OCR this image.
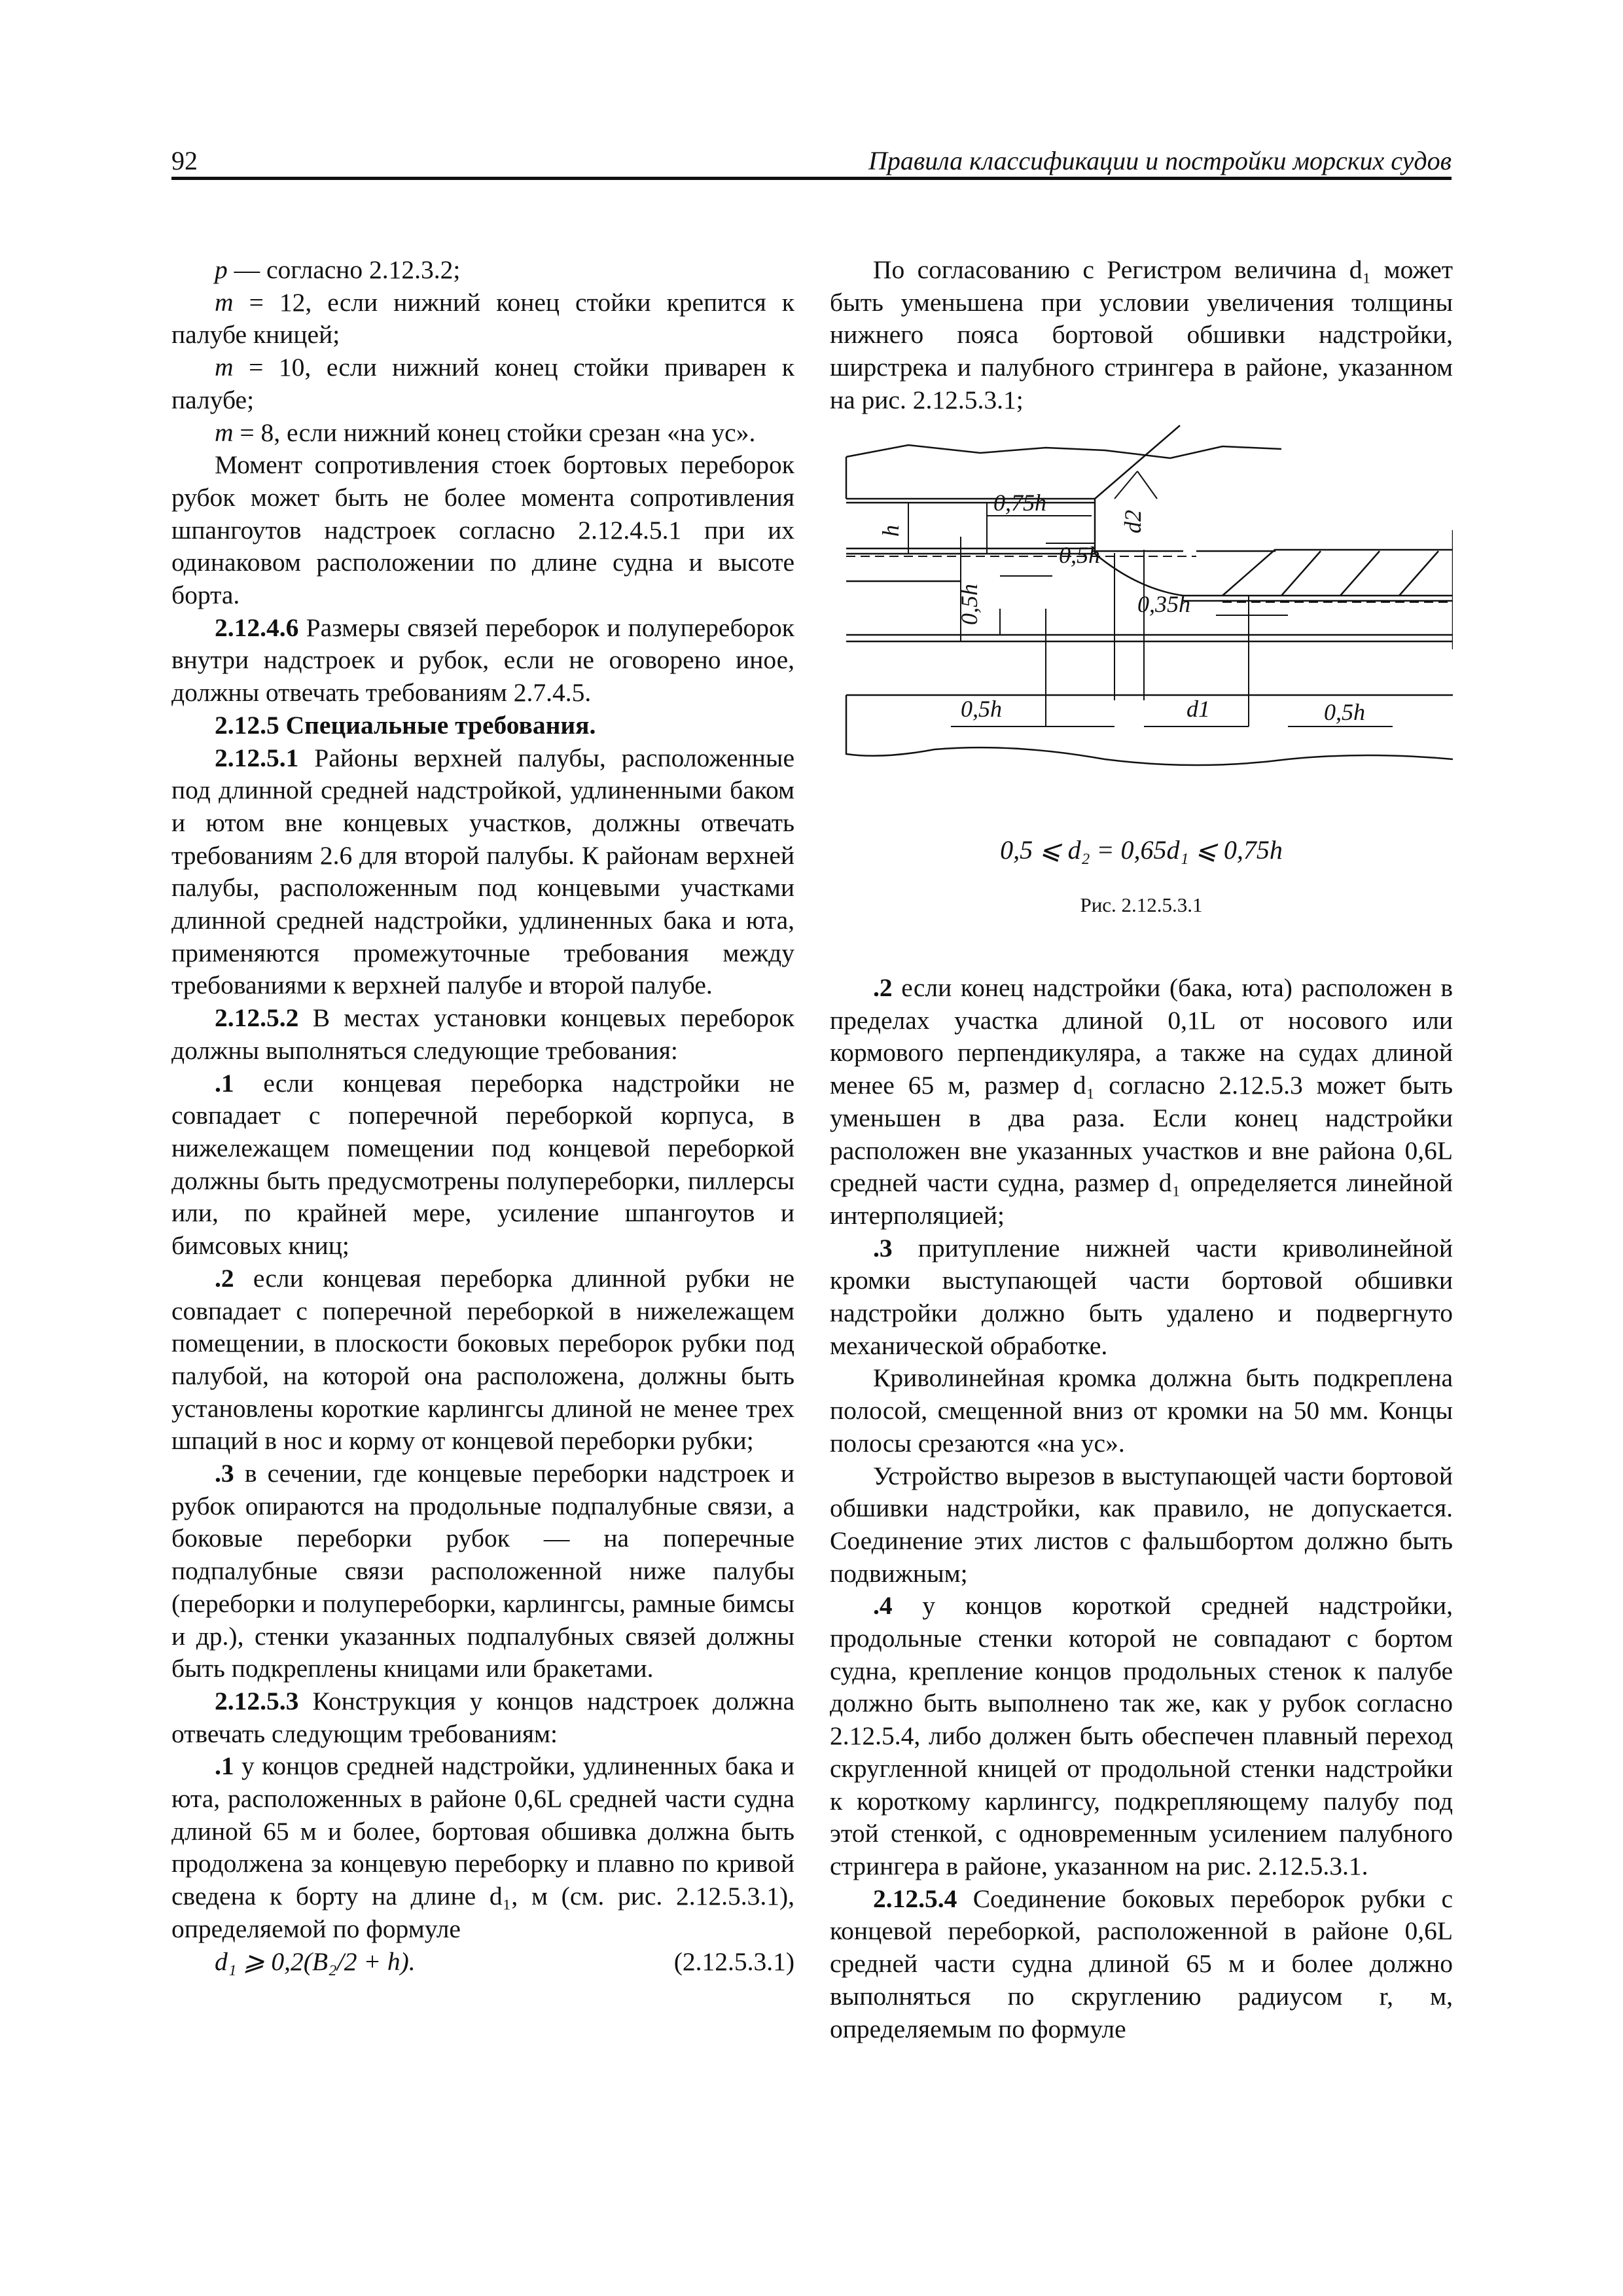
92	Правила классификации и постройки морских судов

p — согласно 2.12.3.2;

m = 12, если нижний конец стойки крепится к палубе кницей;

m = 10, если нижний конец стойки приварен к палубе;

m = 8, если нижний конец стойки срезан «на ус».

Момент сопротивления стоек бортовых переборок рубок может быть не более момента сопротивления шпангоутов надстроек согласно 2.12.4.5.1 при их одинаковом расположении по длине судна и высоте борта.

2.12.4.6 Размеры связей переборок и полупереборок внутри надстроек и рубок, если не оговорено иное, должны отвечать требованиям 2.7.4.5.

2.12.5 Специальные требования.

2.12.5.1 Районы верхней палубы, расположенные под длинной средней надстройкой, удлиненными баком и ютом вне концевых участков, должны отвечать требованиям 2.6 для второй палубы. К районам верхней палубы, расположенным под концевыми участками длинной средней надстройки, удлиненных бака и юта, применяются промежуточные требования между требованиями к верхней палубе и второй палубе.

2.12.5.2 В местах установки концевых переборок должны выполняться следующие требования:

.1 если концевая переборка надстройки не совпадает с поперечной переборкой корпуса, в нижележащем помещении под концевой переборкой должны быть предусмотрены полупереборки, пиллерсы или, по крайней мере, усиление шпангоутов и бимсовых книц;

.2 если концевая переборка длинной рубки не совпадает с поперечной переборкой в нижележащем помещении, в плоскости боковых переборок рубки под палубой, на которой она расположена, должны быть установлены короткие карлингсы длиной не менее трех шпаций в нос и корму от концевой переборки рубки;

.3 в сечении, где концевые переборки надстроек и рубок опираются на продольные подпалубные связи, а боковые переборки рубок — на поперечные подпалубные связи расположенной ниже палубы (переборки и полупереборки, карлингсы, рамные бимсы и др.), стенки указанных подпалубных связей должны быть подкреплены кницами или бракетами.

2.12.5.3 Конструкция у концов надстроек должна отвечать следующим требованиям:

.1 у концов средней надстройки, удлиненных бака и юта, расположенных в районе 0,6L средней части судна длиной 65 м и более, бортовая обшивка должна быть продолжена за концевую переборку и плавно по кривой сведена к борту на длине d₁, м (см. рис. 2.12.5.3.1), определяемой по формуле

d₁ ⩾ 0,2(B₂/2 + h).	(2.12.5.3.1)

По согласованию с Регистром величина d₁ может быть уменьшена при условии увеличения толщины нижнего пояса бортовой обшивки надстройки, ширстрека и палубного стрингера в районе, указанном на рис. 2.12.5.3.1;

0,75h
h	d2
0,5h
0,5h	0,35h
0,5h	d1	0,5h
0,5 ⩽ d₂ = 0,65d₁ ⩽ 0,75h
Рис. 2.12.5.3.1

.2 если конец надстройки (бака, юта) расположен в пределах участка длиной 0,1L от носового или кормового перпендикуляра, а также на судах длиной менее 65 м, размер d₁ согласно 2.12.5.3 может быть уменьшен в два раза. Если конец надстройки расположен вне указанных участков и вне района 0,6L средней части судна, размер d₁ определяется линейной интерполяцией;

.3 притупление нижней части криволинейной кромки выступающей части бортовой обшивки надстройки должно быть удалено и подвергнуто механической обработке.

Криволинейная кромка должна быть подкреплена полосой, смещенной вниз от кромки на 50 мм. Концы полосы срезаются «на ус».

Устройство вырезов в выступающей части бортовой обшивки надстройки, как правило, не допускается. Соединение этих листов с фальшбортом должно быть подвижным;

.4 у концов короткой средней надстройки, продольные стенки которой не совпадают с бортом судна, крепление концов продольных стенок к палубе должно быть выполнено так же, как у рубок согласно 2.12.5.4, либо должен быть обеспечен плавный переход скругленной кницей от продольной стенки надстройки к короткому карлингсу, подкрепляющему палубу под этой стенкой, с одновременным усилением палубного стрингера в районе, указанном на рис. 2.12.5.3.1.

2.12.5.4 Соединение боковых переборок рубки с концевой переборкой, расположенной в районе 0,6L средней части судна длиной 65 м и более должно выполняться по скруглению радиусом r, м, определяемым по формуле
